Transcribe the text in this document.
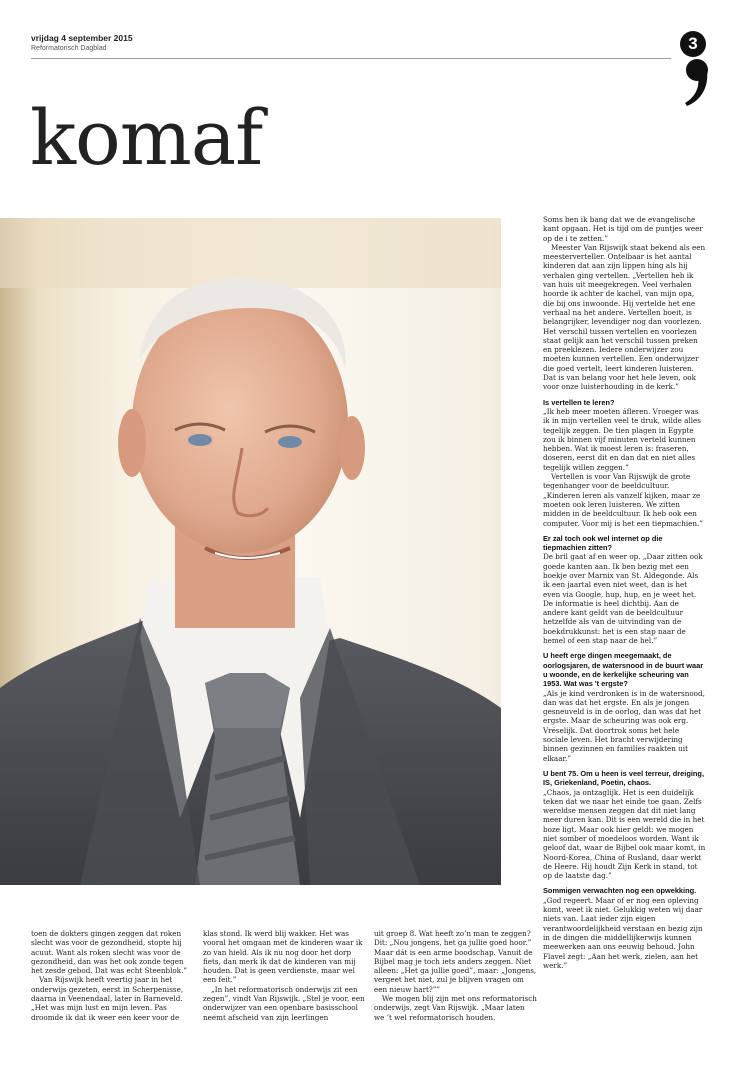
vrijdag 4 september 2015
Reformatorisch Dagblad	3
komaf

Soms ben ik bang dat we de evangelische kant opgaan. Het is tijd om de puntjes weer op de i te zetten.”

Meester Van Rijswijk staat bekend als een meesterverteller. Ontelbaar is het aantal kinderen dat aan zijn lippen hing als hij verhalen ging vertellen. „Vertellen heb ik van huis uit meegekregen. Veel verhalen hoorde ik achter de kachel, van mijn opa, die bij ons inwoonde. Hij vertelde het ene verhaal na het andere. Vertellen boeit, is belangrijker, levendiger nog dan voorlezen. Het verschil tussen vertellen en voorlezen staat gelijk aan het verschil tussen preken en preeklezen. Iedere onderwijzer zou moeten kunnen vertellen. Een onderwijzer die goed vertelt, leert kinderen luisteren. Dat is van belang voor het hele leven, ook voor onze luisterhouding in de kerk.”

Is vertellen te leren?

„Ik heb meer moeten áfleren. Vroeger was ik in mijn vertellen veel te druk, wilde alles tegelijk zeggen. De tien plagen in Egypte zou ik binnen vijf minuten verteld kunnen hebben. Wat ik moest leren is: fraseren, doseren, eerst dit en dan dat en niet alles tegelijk willen zeggen.”

Vertellen is voor Van Rijswijk de grote tegenhanger voor de beeldcultuur. „Kinderen leren als vanzelf kijken, maar ze moeten ook leren luisteren. We zitten midden in de beeldcultuur. Ik heb ook een computer. Voor mij is het een tiepmachien.”

Er zal toch ook wel internet op die tiepmachien zitten?

De bril gaat af en weer op. „Daar zitten ook goede kanten aan. Ik ben bezig met een boekje over Marnix van St. Aldegonde. Als ik een jaartal even niet weet, dan is het even via Google, hup, hup, en je weet het. De informatie is heel dichtbij. Aan de andere kant geldt van de beeldcultuur hetzelfde als van de uitvinding van de boekdrukkunst: het is een stap naar de hemel of een stap naar de hel.”

U heeft erge dingen meegemaakt, de oorlogsjaren, de watersnood in de buurt waar u woonde, en de kerkelijke scheuring van 1953. Wat was 't ergste?

„Als je kind verdronken is in de watersnood, dan was dat het ergste. En als je jongen gesneuveld is in de oorlog, dan was dat het ergste. Maar de scheuring was ook erg. Vréselijk. Dat doortrok soms het hele sociale leven. Het bracht verwijdering binnen gezinnen en families raakten uit elkaar.”

U bent 75. Om u heen is veel terreur, dreiging, IS, Griekenland, Poetin, chaos.

„Chaos, ja ontzaglijk. Het is een duidelijk teken dat we naar het einde toe gaan. Zelfs wereldse mensen zeggen dat dit niet lang meer duren kan. Dit is een wereld die in het boze ligt. Maar ook hier geldt: we mogen niet somber of moedeloos worden. Want ik geloof dat, waar de Bijbel ook maar komt, in Noord-Korea, China of Rusland, daar werkt de Heere. Hij houdt Zijn Kerk in stand, tot op de laatste dag.”

Sommigen verwachten nog een opwekking.

„God regeert. Maar of er nog een opleving komt, weet ik niet. Gelukkig weten wij daar niets van. Laat ieder zijn eigen verantwoordelijkheid verstaan en bezig zijn in de dingen die middellijkerwijs kunnen meewerken aan ons eeuwig behoud. John Flavel zegt: „Aan het werk, zielen, aan het werk.”

toen de dokters gingen zeggen dat roken slecht was voor de gezondheid, stopte hij acuut. Want als roken slecht was voor de gezondheid, dan was het ook zonde tegen het zesde gebod. Dat was echt Steenblok.”

Van Rijswijk heeft veertig jaar in het onderwijs gezeten, eerst in Scherpenisse, daarna in Veenendaal, later in Barneveld. „Het was mijn lust en mijn leven. Pas droomde ik dat ik weer een keer voor de

klas stond. Ik werd blij wakker. Het was vooral het omgaan met de kinderen waar ik zo van hield. Als ik nu nog door het dorp fiets, dan merk ik dat de kinderen van mij houden. Dat is geen verdienste, maar wel een feit.”

„In het reformatorisch onderwijs zit een zegen”, vindt Van Rijswijk. „Stel je voor, een onderwijzer van een openbare basisschool neemt afscheid van zijn leerlingen

uit groep 8. Wat heeft zo’n man te zeggen? Dit: „Nou jongens, het ga jullie goed hoor.” Maar dát is een arme boodschap. Vanuit de Bijbel mag je toch iets anders zeggen. Niet alleen: „Het ga jullie goed”, maar: „Jongens, vergeet het niet, zul je blijven vragen om een nieuw hart?””

We mogen blij zijn met ons reformatorisch onderwijs, zegt Van Rijswijk. „Maar laten we ’t wel reformatorisch houden.
